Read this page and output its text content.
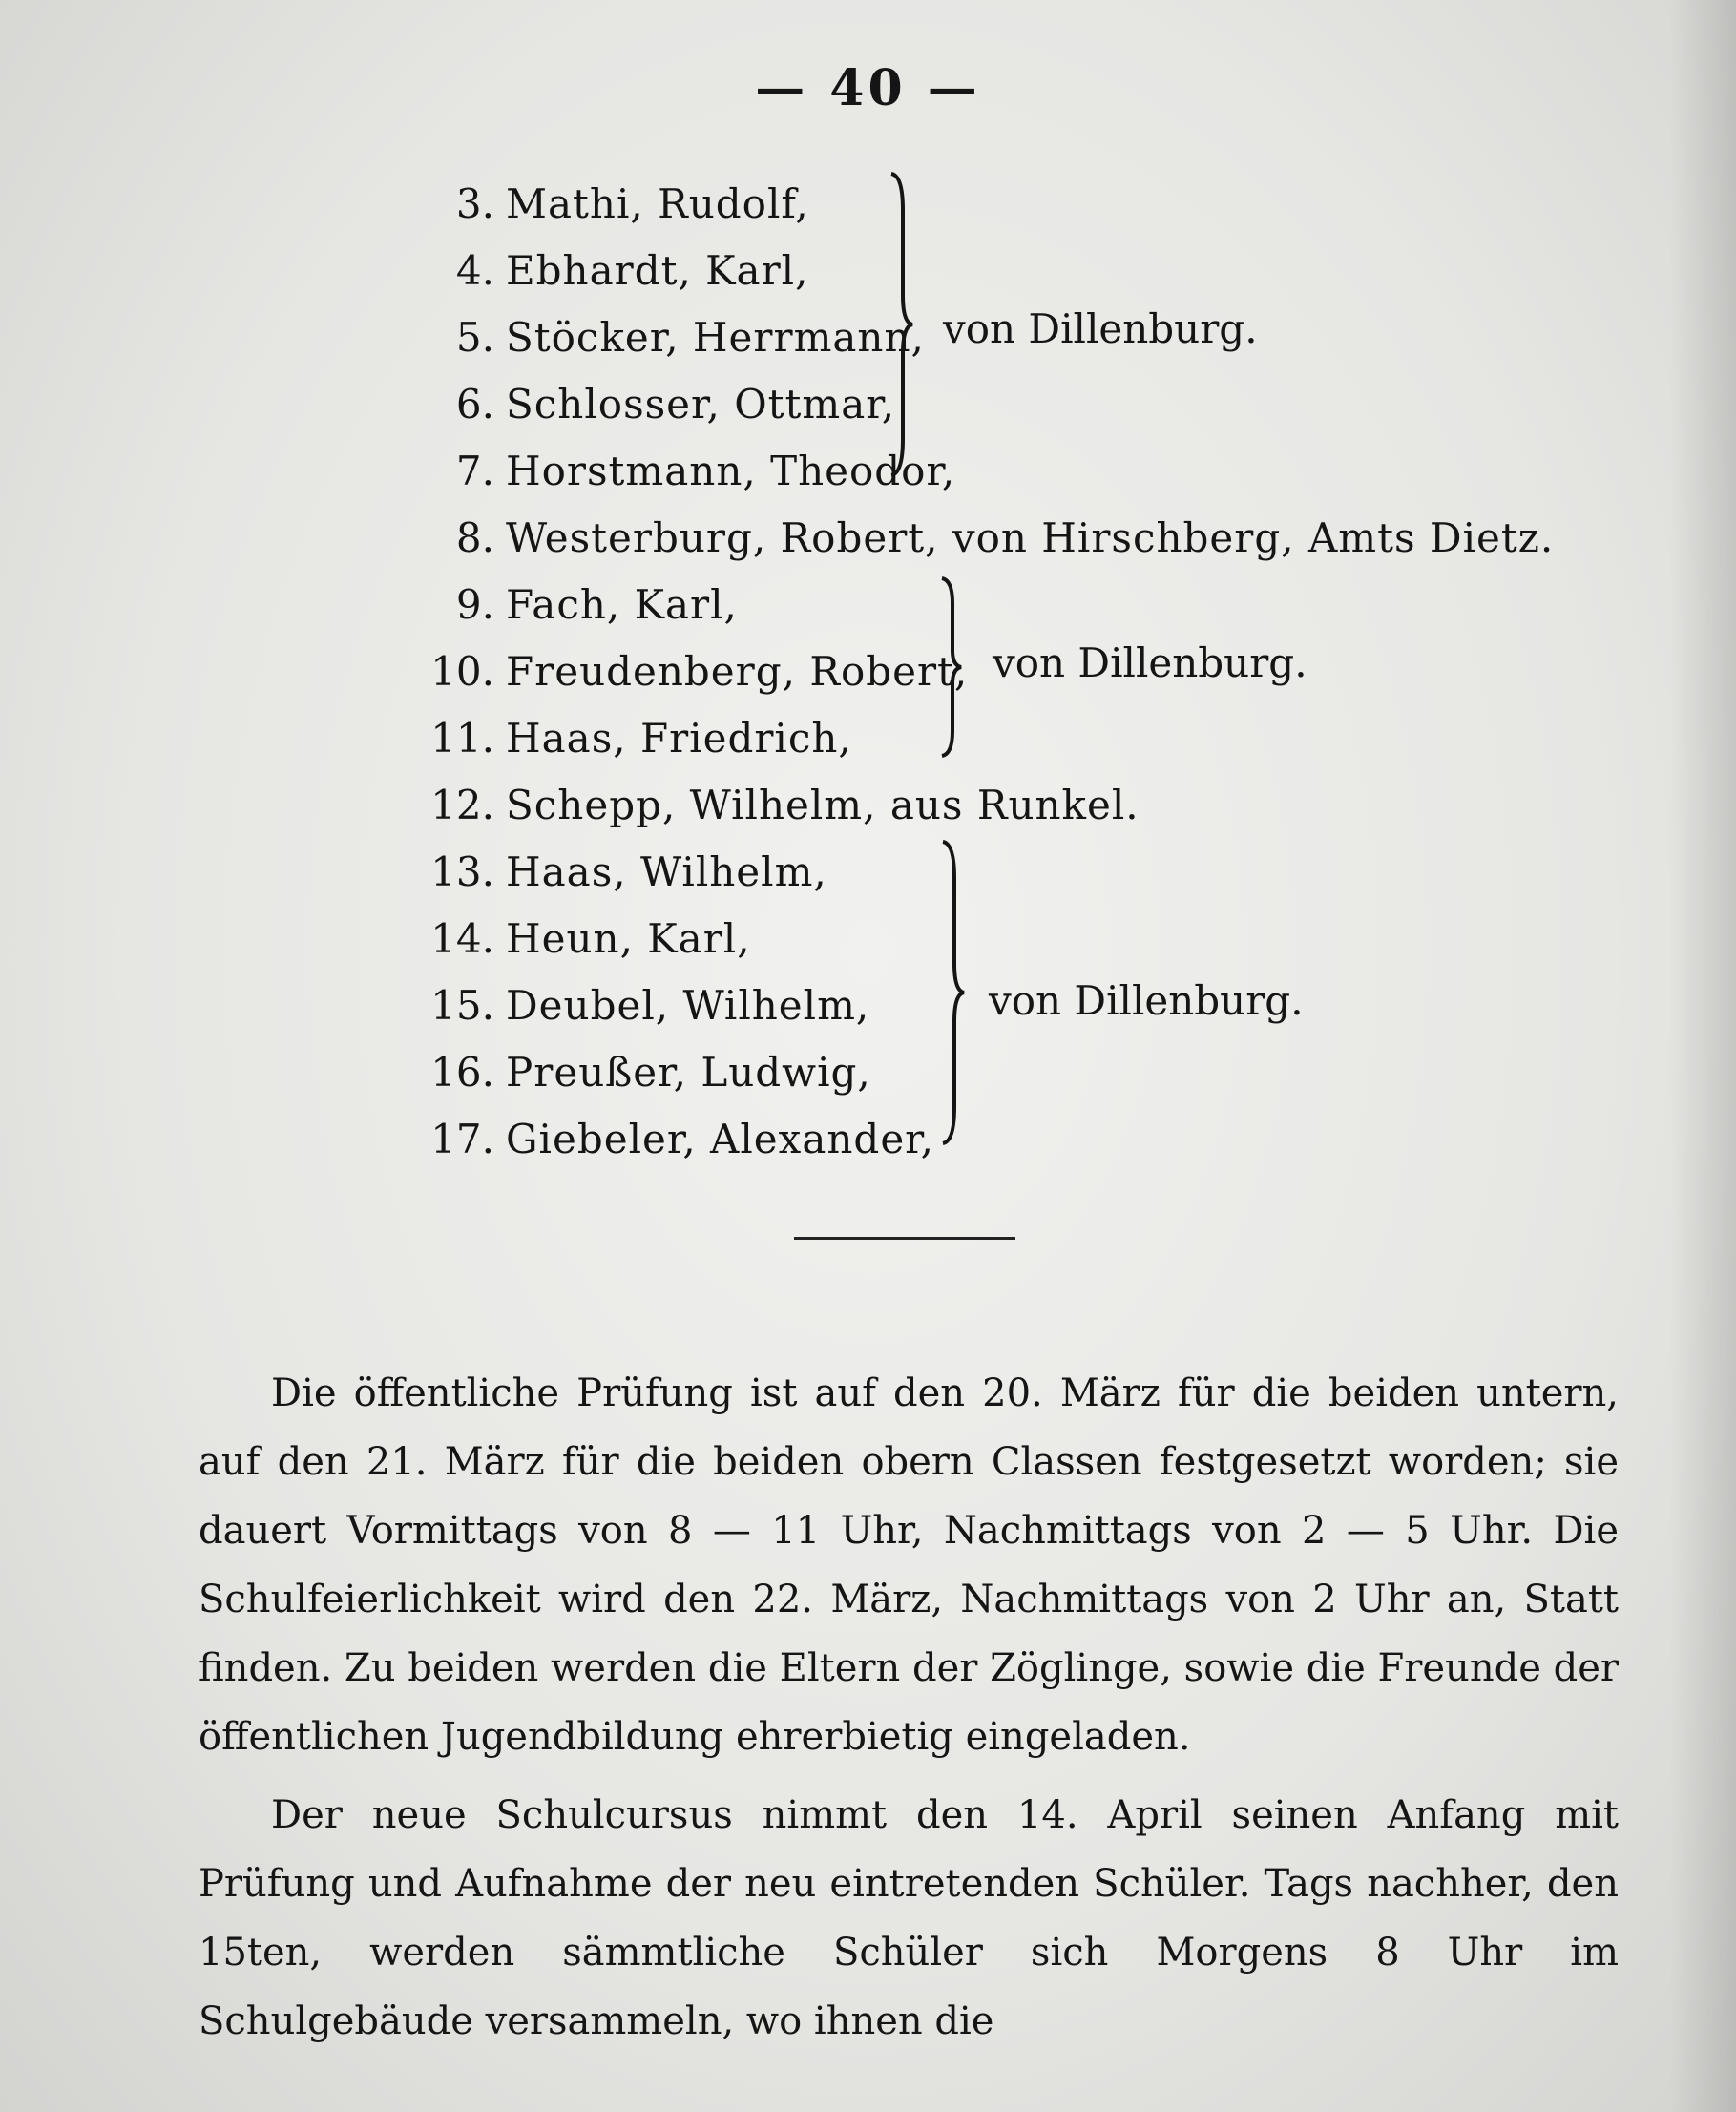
— 40 —
3. Mathi, Rudolf,
4. Ebhardt, Karl,
5. Stöcker, Herrmann,
6. Schlosser, Ottmar,
7. Horstmann, Theodor,
8. Westerburg, Robert, von Hirschberg, Amts Dietz.
9. Fach, Karl,
10. Freudenberg, Robert,
11. Haas, Friedrich,
12. Schepp, Wilhelm, aus Runkel.
13. Haas, Wilhelm,
14. Heun, Karl,
15. Deubel, Wilhelm,
16. Preußer, Ludwig,
17. Giebeler, Alexander,
von Dillenburg.
von Dillenburg.
von Dillenburg.

Die öffentliche Prüfung ist auf den 20. März für die beiden untern, auf den 21. März für die beiden obern Classen festgesetzt worden; sie dauert Vormittags von 8 — 11 Uhr, Nachmittags von 2 — 5 Uhr. Die Schulfeierlichkeit wird den 22. März, Nachmittags von 2 Uhr an, Statt finden. Zu beiden werden die Eltern der Zöglinge, sowie die Freunde der öffentlichen Jugendbildung ehrerbietig eingeladen.

Der neue Schulcursus nimmt den 14. April seinen Anfang mit Prüfung und Aufnahme der neu eintretenden Schüler. Tags nachher, den 15ten, werden sämmtliche Schüler sich Morgens 8 Uhr im Schulgebäude versammeln, wo ihnen die
